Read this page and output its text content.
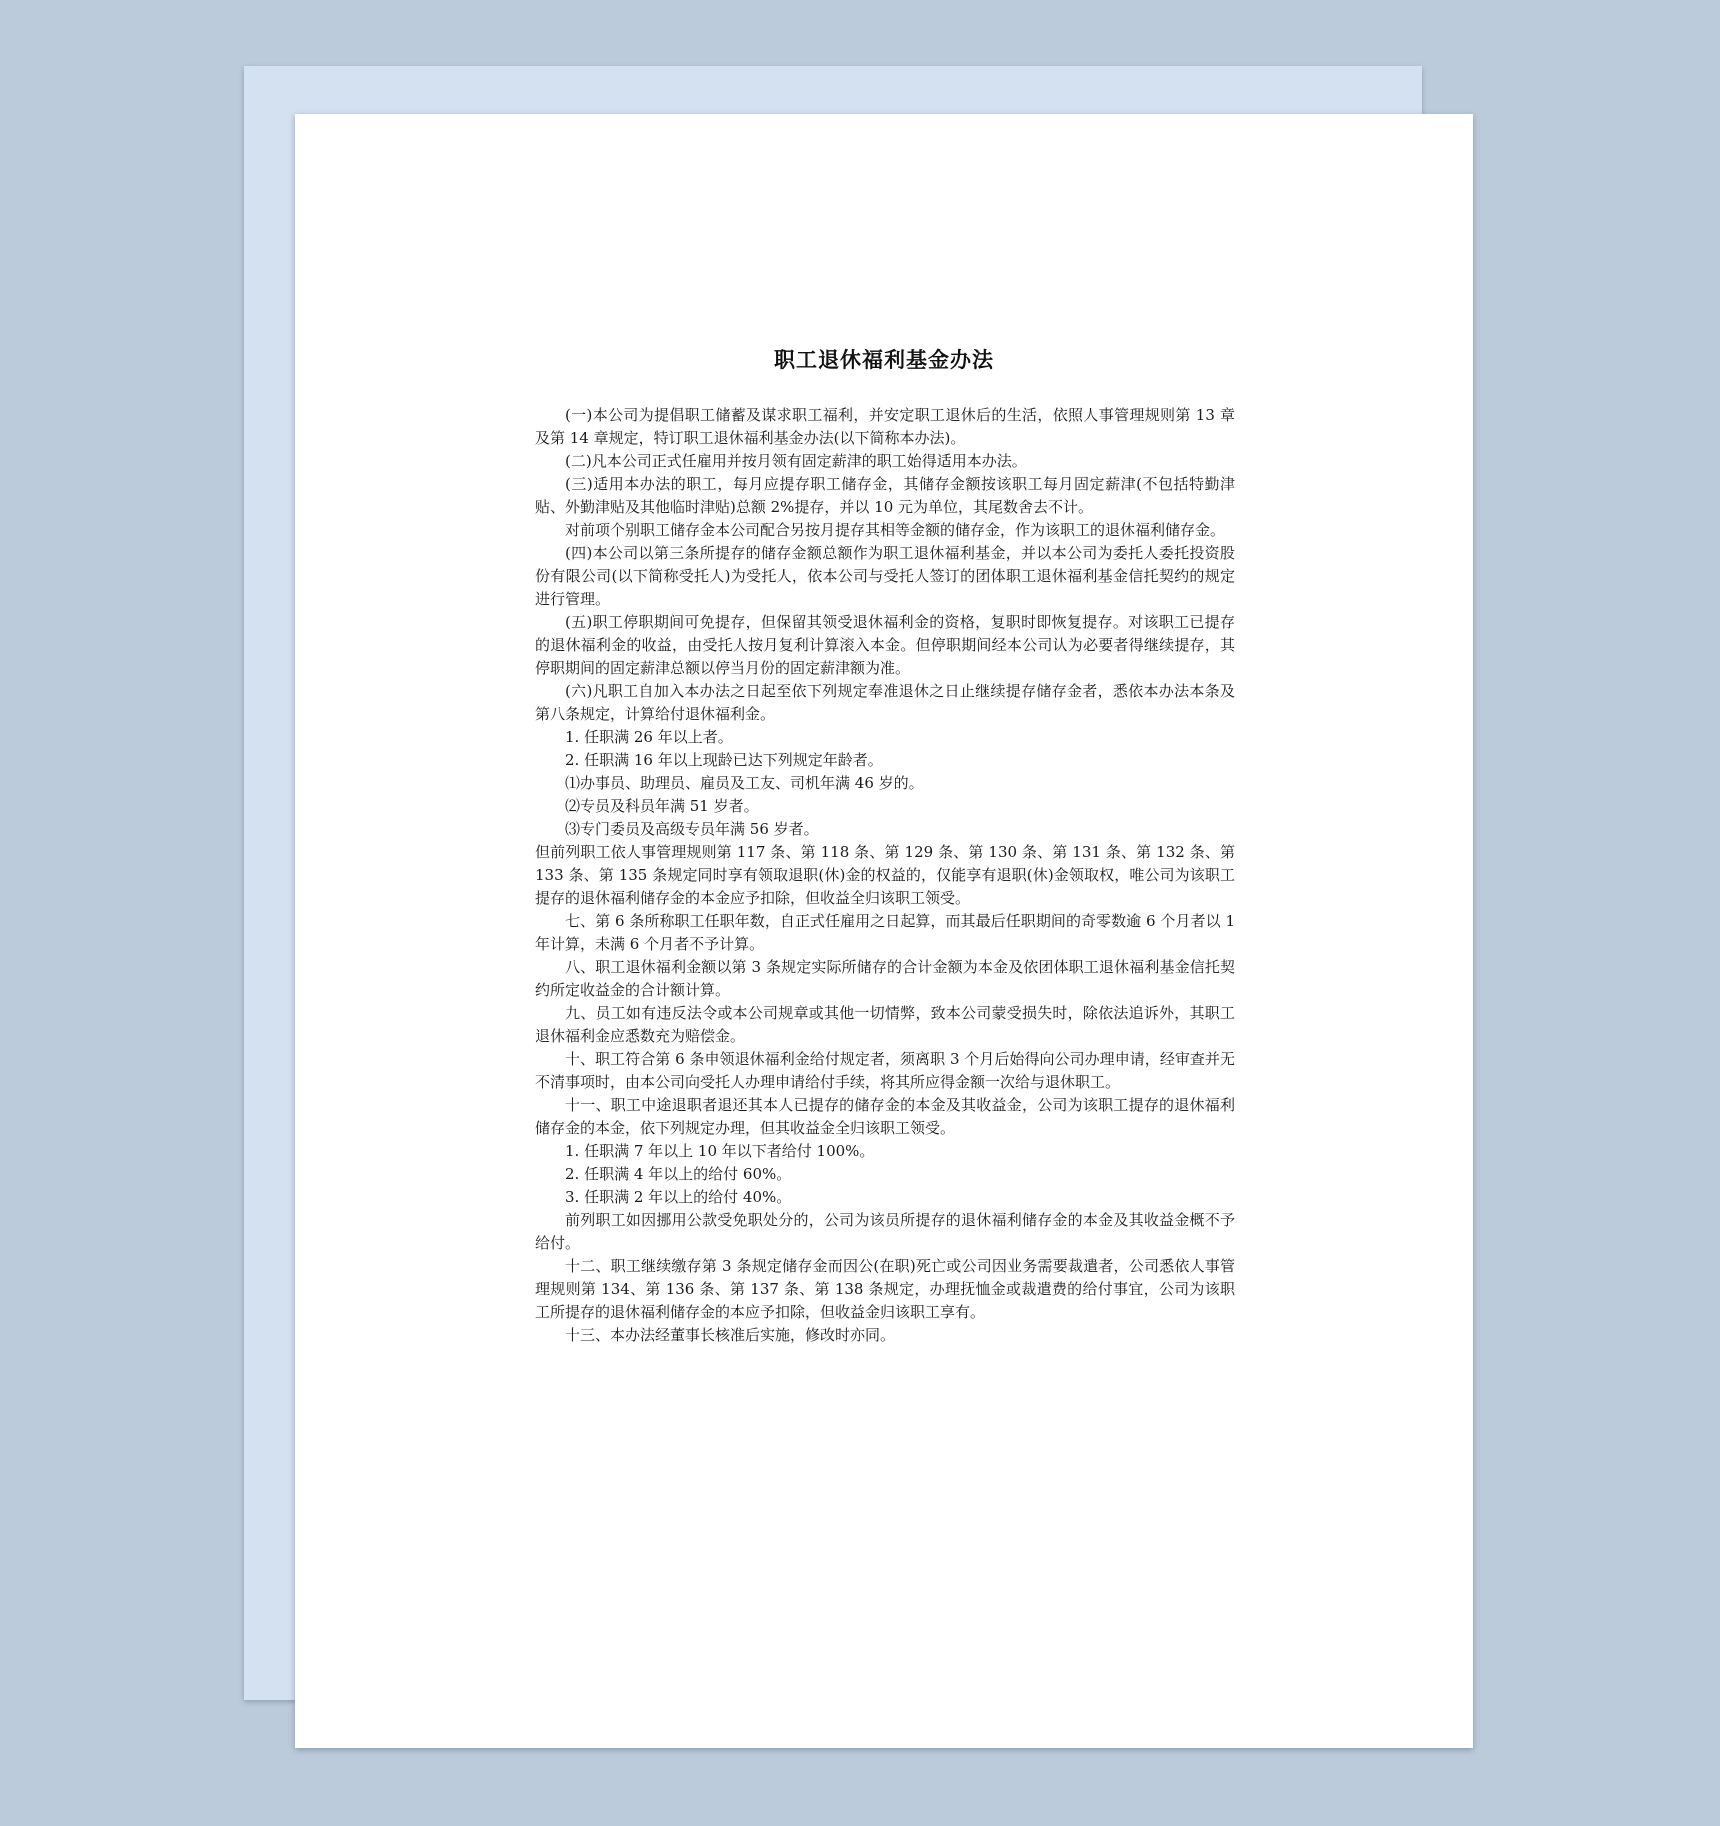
职工退休福利基金办法

(一)本公司为提倡职工储蓄及谋求职工福利，并安定职工退休后的生活，依照人事管理规则第 13 章及第 14 章规定，特订职工退休福利基金办法(以下简称本办法)。

(二)凡本公司正式任雇用并按月领有固定薪津的职工始得适用本办法。

(三)适用本办法的职工，每月应提存职工储存金，其储存金额按该职工每月固定薪津(不包括特勤津贴、外勤津贴及其他临时津贴)总额 2%提存，并以 10 元为单位，其尾数舍去不计。

对前项个别职工储存金本公司配合另按月提存其相等金额的储存金，作为该职工的退休福利储存金。

(四)本公司以第三条所提存的储存金额总额作为职工退休福利基金，并以本公司为委托人委托投资股份有限公司(以下简称受托人)为受托人，依本公司与受托人签订的团体职工退休福利基金信托契约的规定进行管理。

(五)职工停职期间可免提存，但保留其领受退休福利金的资格，复职时即恢复提存。对该职工已提存的退休福利金的收益，由受托人按月复利计算滚入本金。但停职期间经本公司认为必要者得继续提存，其停职期间的固定薪津总额以停当月份的固定薪津额为准。

(六)凡职工自加入本办法之日起至依下列规定奉准退休之日止继续提存储存金者，悉依本办法本条及第八条规定，计算给付退休福利金。

1. 任职满 26 年以上者。

2. 任职满 16 年以上现龄已达下列规定年龄者。

⑴办事员、助理员、雇员及工友、司机年满 46 岁的。

⑵专员及科员年满 51 岁者。

⑶专门委员及高级专员年满 56 岁者。

但前列职工依人事管理规则第 117 条、第 118 条、第 129 条、第 130 条、第 131 条、第 132 条、第 133 条、第 135 条规定同时享有领取退职(休)金的权益的，仅能享有退职(休)金领取权，唯公司为该职工提存的退休福利储存金的本金应予扣除，但收益全归该职工领受。

七、第 6 条所称职工任职年数，自正式任雇用之日起算，而其最后任职期间的奇零数逾 6 个月者以 1 年计算，未满 6 个月者不予计算。

八、职工退休福利金额以第 3 条规定实际所储存的合计金额为本金及依团体职工退休福利基金信托契约所定收益金的合计额计算。

九、员工如有违反法令或本公司规章或其他一切情弊，致本公司蒙受损失时，除依法追诉外，其职工退休福利金应悉数充为赔偿金。

十、职工符合第 6 条申领退休福利金给付规定者，须离职 3 个月后始得向公司办理申请，经审查并无不清事项时，由本公司向受托人办理申请给付手续，将其所应得金额一次给与退休职工。

十一、职工中途退职者退还其本人已提存的储存金的本金及其收益金，公司为该职工提存的退休福利储存金的本金，依下列规定办理，但其收益金全归该职工领受。

1. 任职满 7 年以上 10 年以下者给付 100%。

2. 任职满 4 年以上的给付 60%。

3. 任职满 2 年以上的给付 40%。

前列职工如因挪用公款受免职处分的，公司为该员所提存的退休福利储存金的本金及其收益金概不予给付。

十二、职工继续缴存第 3 条规定储存金而因公(在职)死亡或公司因业务需要裁遣者，公司悉依人事管理规则第 134、第 136 条、第 137 条、第 138 条规定，办理抚恤金或裁遣费的给付事宜，公司为该职工所提存的退休福利储存金的本应予扣除，但收益金归该职工享有。

十三、本办法经董事长核准后实施，修改时亦同。
